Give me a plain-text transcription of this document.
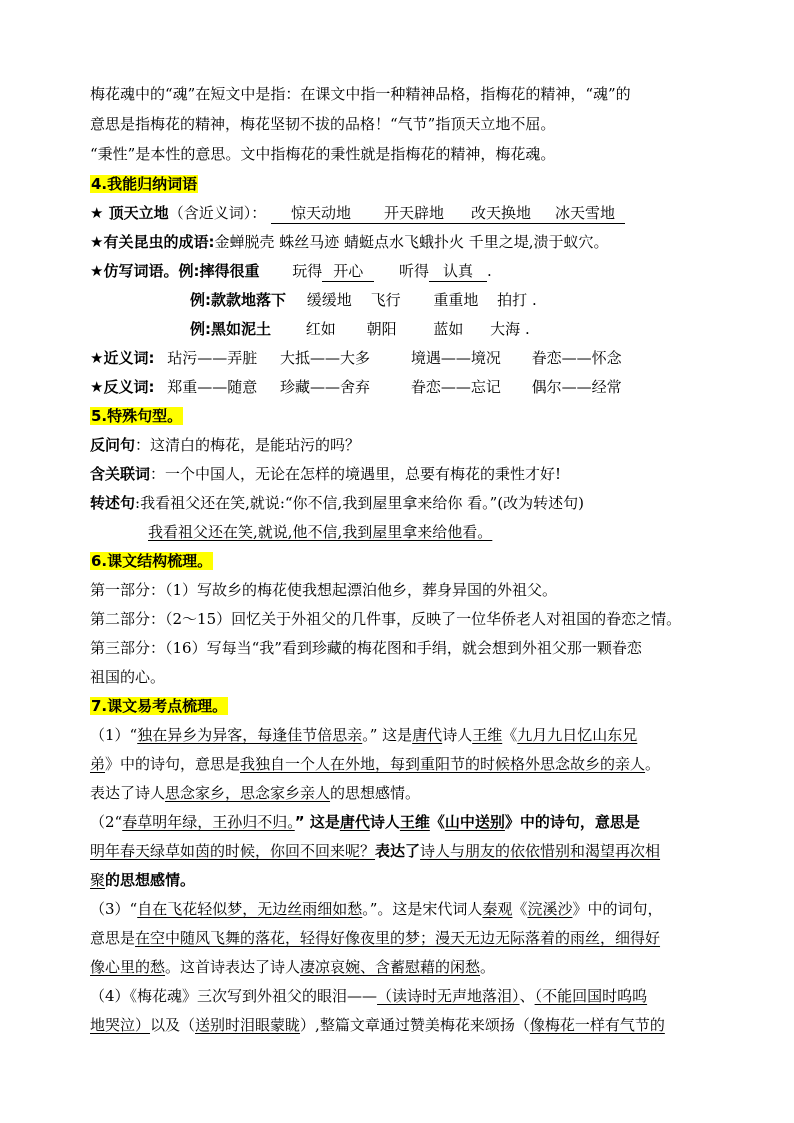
梅花魂中的“魂”在短文中是指：在课文中指一种精神品格，指梅花的精神，“魂”的
意思是指梅花的精神，梅花坚韧不拔的品格！“气节”指顶天立地不屈。
“秉性”是本性的意思。文中指梅花的秉性就是指梅花的精神，梅花魂。
4.我能归纳词语
★ 顶天立地（含近义词）： 惊天动地 开天辟地 改天换地 冰天雪地
★有关昆虫的成语:金蝉脱壳 蛛丝马迹 蜻蜓点水飞蛾扑火 千里之堤,溃于蚁穴。
★仿写词语。例:摔得很重 玩得 开心 听得 认真 .
例:款款地落下 缓缓地 飞行 重重地 拍打 .
例:黑如泥土 红如 朝阳 蓝如 大海 .
★近义词: 玷污——弄脏 大抵——大多	境遇——境况 眷恋——怀念
★反义词: 郑重——随意 珍藏——舍弃	眷恋——忘记 偶尔——经常
5.特殊句型。
反问句：这清白的梅花，是能玷污的吗？
含关联词：一个中国人，无论在怎样的境遇里，总要有梅花的秉性才好!
转述句:我看祖父还在笑,就说:“你不信,我到屋里拿来给你 看。”(改为转述句)
我看祖父还在笑,就说,他不信,我到屋里拿来给他看。
6.课文结构梳理。
第一部分：（1）写故乡的梅花使我想起漂泊他乡，葬身异国的外祖父。
第二部分：（2～15）回忆关于外祖父的几件事，反映了一位华侨老人对祖国的眷恋之情。
第三部分：（16）写每当“我”看到珍藏的梅花图和手绢，就会想到外祖父那一颗眷恋
祖国的心。
7.课文易考点梳理。
（1）“独在异乡为异客，每逢佳节倍思亲。” 这是唐代诗人王维《九月九日忆山东兄
弟》中的诗句，意思是我独自一个人在外地，每到重阳节的时候格外思念故乡的亲人。
表达了诗人思念家乡，思念家乡亲人的思想感情。
（2“春草明年绿，王孙归不归。” 这是唐代诗人王维《山中送别》中的诗句，意思是
明年春天绿草如茵的时候，你回不回来呢？表达了诗人与朋友的依依惜别和渴望再次相
聚的思想感情。
（3）“自在飞花轻似梦，无边丝雨细如愁。”。这是宋代词人秦观《浣溪沙》中的词句，
意思是在空中随风飞舞的落花，轻得好像夜里的梦；漫天无边无际落着的雨丝，细得好
像心里的愁。这首诗表达了诗人凄凉哀婉、含蓄慰藉的闲愁。
（4）《梅花魂》三次写到外祖父的眼泪——（读诗时无声地落泪）、（不能回国时呜呜
地哭泣）以及（送别时泪眼蒙眬）,整篇文章通过赞美梅花来颂扬（像梅花一样有气节的
